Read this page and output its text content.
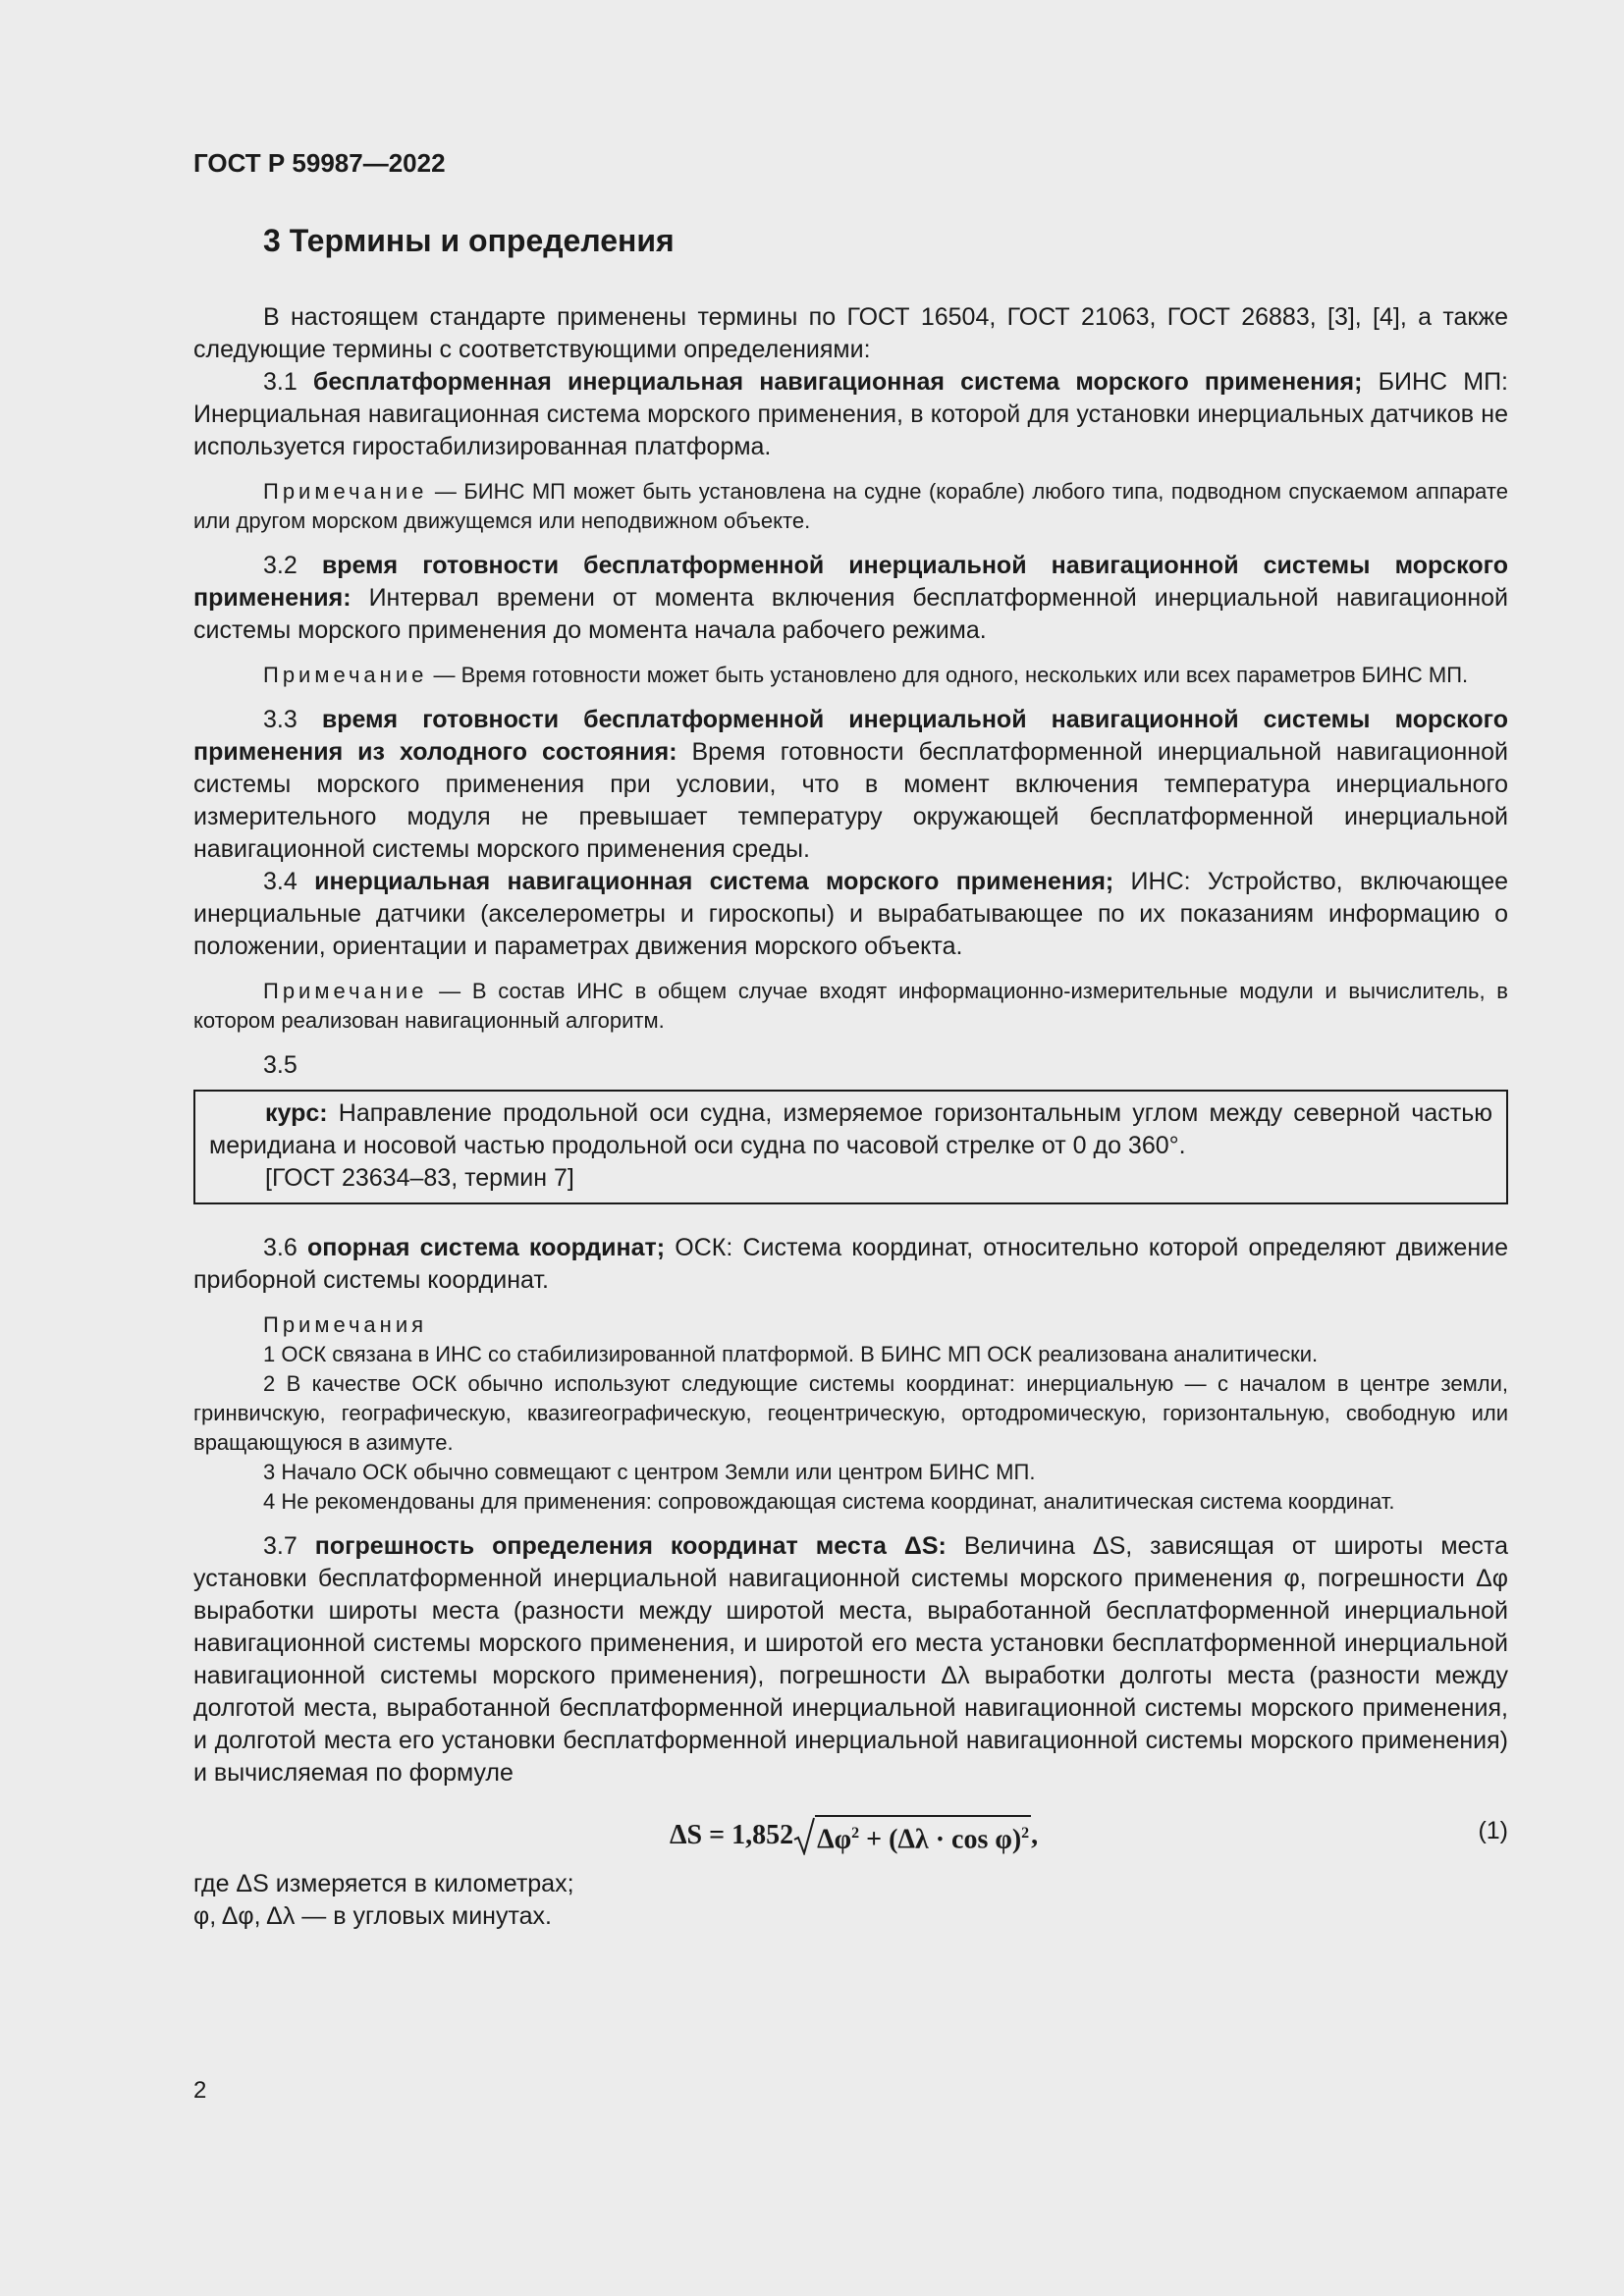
ГОСТ Р 59987—2022
3 Термины и определения

В настоящем стандарте применены термины по ГОСТ 16504, ГОСТ 21063, ГОСТ 26883, [3], [4], а также следующие термины с соответствующими определениями:

3.1 бесплатформенная инерциальная навигационная система морского применения; БИНС МП: Инерциальная навигационная система морского применения, в которой для установки инерциальных датчиков не используется гиростабилизированная платформа.

Примечание — БИНС МП может быть установлена на судне (корабле) любого типа, подводном спускаемом аппарате или другом морском движущемся или неподвижном объекте.

3.2 время готовности бесплатформенной инерциальной навигационной системы морского применения: Интервал времени от момента включения бесплатформенной инерциальной навигационной системы морского применения до момента начала рабочего режима.

Примечание — Время готовности может быть установлено для одного, нескольких или всех параметров БИНС МП.

3.3 время готовности бесплатформенной инерциальной навигационной системы морского применения из холодного состояния: Время готовности бесплатформенной инерциальной навигационной системы морского применения при условии, что в момент включения температура инерциального измерительного модуля не превышает температуру окружающей бесплатформенной инерциальной навигационной системы морского применения среды.

3.4 инерциальная навигационная система морского применения; ИНС: Устройство, включающее инерциальные датчики (акселерометры и гироскопы) и вырабатывающее по их показаниям информацию о положении, ориентации и параметрах движения морского объекта.

Примечание — В состав ИНС в общем случае входят информационно-измерительные модули и вычислитель, в котором реализован навигационный алгоритм.

3.5

курс: Направление продольной оси судна, измеряемое горизонтальным углом между северной частью меридиана и носовой частью продольной оси судна по часовой стрелке от 0 до 360°.

[ГОСТ 23634–83, термин 7]

3.6 опорная система координат; ОСК: Система координат, относительно которой определяют движение приборной системы координат.

Примечания

1 ОСК связана в ИНС со стабилизированной платформой. В БИНС МП ОСК реализована аналитически.

2 В качестве ОСК обычно используют следующие системы координат: инерциальную — с началом в центре земли, гринвичскую, географическую, квазигеографическую, геоцентрическую, ортодромическую, горизонтальную, свободную или вращающуюся в азимуте.

3 Начало ОСК обычно совмещают с центром Земли или центром БИНС МП.

4 Не рекомендованы для применения: сопровождающая система координат, аналитическая система координат.

3.7 погрешность определения координат места ΔS: Величина ΔS, зависящая от широты места установки бесплатформенной инерциальной навигационной системы морского применения φ, погрешности Δφ выработки широты места (разности между широтой места, выработанной бесплатформенной инерциальной навигационной системы морского применения, и широтой его места установки бесплатформенной инерциальной навигационной системы морского применения), погрешности Δλ выработки долготы места (разности между долготой места, выработанной бесплатформенной инерциальной навигационной системы морского применения, и долготой места его установки бесплатформенной инерциальной навигационной системы морского применения) и вычисляемая по формуле

ΔS = 1,852 $\Delta\varphi^2 + (\Delta\lambda \cdot \cos \varphi)^2$ ,	(1)

где ΔS измеряется в километрах;

φ, Δφ, Δλ — в угловых минутах.

2
